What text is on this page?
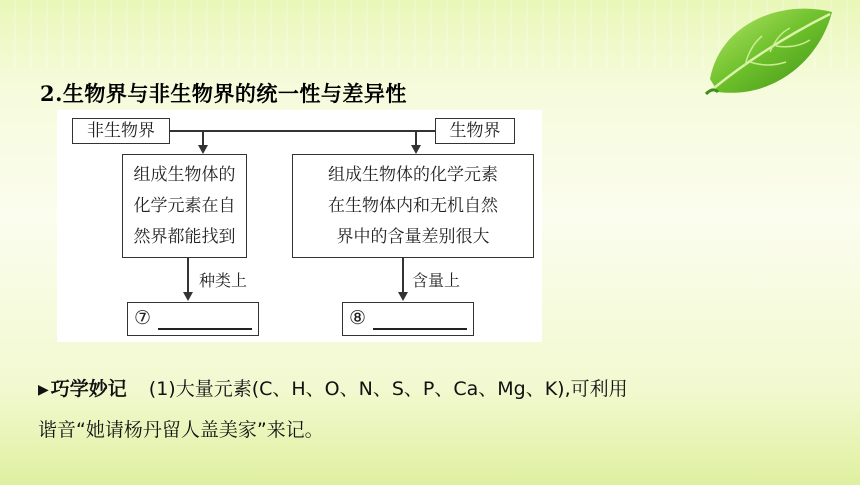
2.生物界与非生物界的统一性与差异性
非生物界	生物界
组成生物体的
化学元素在自
然界都能找到
组成生物体的化学元素
在生物体内和无机自然
界中的含量差别很大
种类上	含量上
⑦	⑧
▶ 巧学妙记 (1)大量元素(C、H、O、N、S、P、Ca、Mg、K),可利用
谐音“她请杨丹留人盖美家”来记。
